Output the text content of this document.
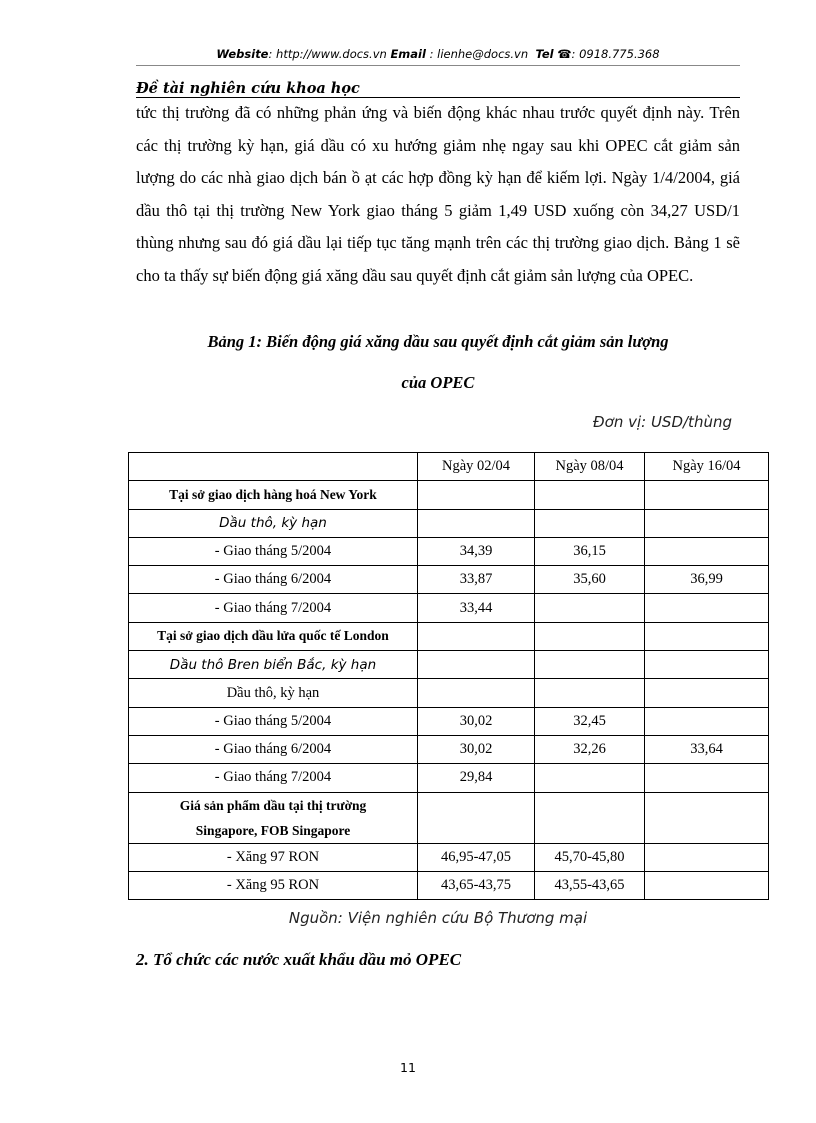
Website: http://www.docs.vn Email : lienhe@docs.vn Tel ☎: 0918.775.368
Đề tài nghiên cứu khoa học

tức thị trường đã có những phản ứng và biến động khác nhau trước quyết định này. Trên các thị trường kỳ hạn, giá dầu có xu hướng giảm nhẹ ngay sau khi OPEC cắt giảm sản lượng do các nhà giao dịch bán ồ ạt các hợp đồng kỳ hạn để kiếm lợi. Ngày 1/4/2004, giá dầu thô tại thị trường New York giao tháng 5 giảm 1,49 USD xuống còn 34,27 USD/1 thùng nhưng sau đó giá dầu lại tiếp tục tăng mạnh trên các thị trường giao dịch. Bảng 1 sẽ cho ta thấy sự biến động giá xăng dầu sau quyết định cắt giảm sản lượng của OPEC.

Bảng 1: Biến động giá xăng dầu sau quyết định cắt giảm sản lượng
của OPEC
Đơn vị: USD/thùng
	Ngày 02/04	Ngày 08/04	Ngày 16/04
Tại sở giao dịch hàng hoá New York			
Dầu thô, kỳ hạn			
- Giao tháng 5/2004	34,39	36,15	
- Giao tháng 6/2004	33,87	35,60	36,99
- Giao tháng 7/2004	33,44		
Tại sở giao dịch dầu lửa quốc tế London			
Dầu thô Bren biển Bắc, kỳ hạn			
Dầu thô, kỳ hạn			
- Giao tháng 5/2004	30,02	32,45	
- Giao tháng 6/2004	30,02	32,26	33,64
- Giao tháng 7/2004	29,84		
Giá sản phẩm dầu tại thị trường
Singapore, FOB Singapore			
- Xăng 97 RON	46,95-47,05	45,70-45,80	
- Xăng 95 RON	43,65-43,75	43,55-43,65	
Nguồn: Viện nghiên cứu Bộ Thương mại
2. Tổ chức các nước xuất khẩu dầu mỏ OPEC
11
